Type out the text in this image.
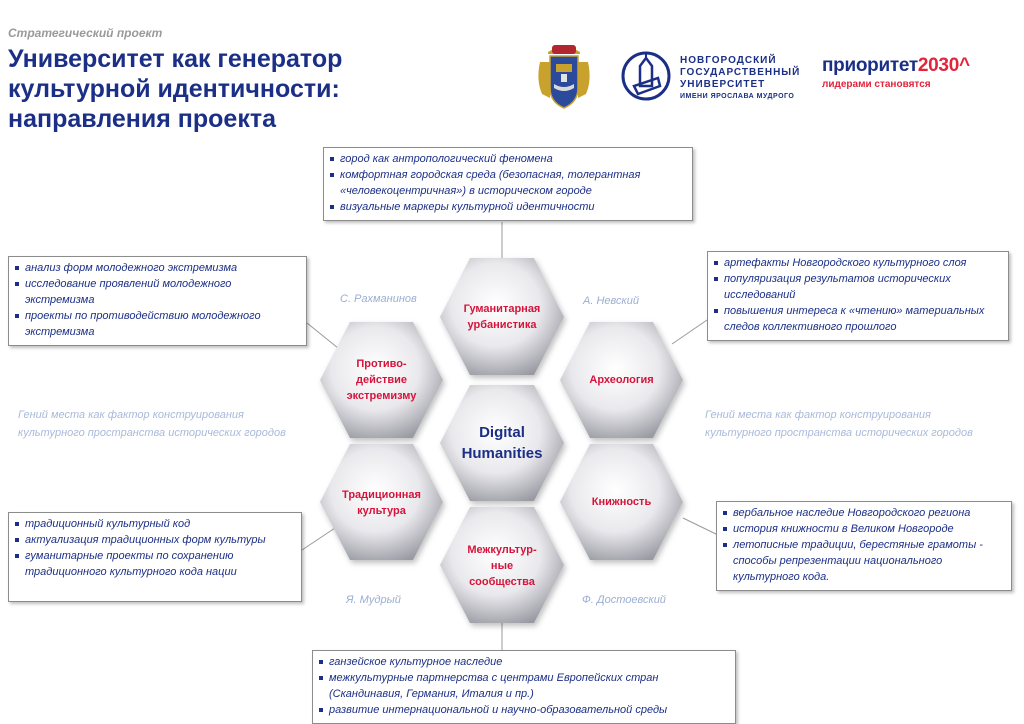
Стратегический проект
Университет как генератор
культурной идентичности:
направления проекта
НОВГОРОДСКИЙ
ГОСУДАРСТВЕННЫЙ
УНИВЕРСИТЕТ
ИМЕНИ ЯРОСЛАВА МУДРОГО
приоритет2030^
лидерами становятся
Гуманитарная
урбанистика
Противо-
действие
экстремизму
Археология
Digital
Humanities
Традиционная
культура
Книжность
Межкультур-
ные
сообщества
город как антропологический феномена
комфортная городская среда (безопасная, толерантная «человекоцентричная») в историческом городе
визуальные маркеры культурной идентичности
анализ форм молодежного экстремизма
исследование проявлений молодежного экстремизма
проекты по противодействию молодежного экстремизма
артефакты Новгородского культурного слоя
популяризация результатов исторических исследований
повышения интереса к «чтению» материальных следов коллективного прошлого
традиционный культурный код
актуализация традиционных форм культуры
гуманитарные проекты по сохранению традиционного культурного кода нации
вербальное наследие Новгородского региона
история книжности в Великом Новгороде
летописные традиции, берестяные грамоты - способы репрезентации национального культурного кода.
ганзейское культурное наследие
межкультурные партнерства с центрами Европейских стран (Скандинавия, Германия, Италия и пр.)
развитие интернациональной и научно-образовательной среды
С. Рахманинов	А. Невский
Я. Мудрый	Ф. Достоевский
Гений места как фактор конструирования
культурного пространства исторических городов
Гений места как фактор конструирования
культурного пространства исторических городов
